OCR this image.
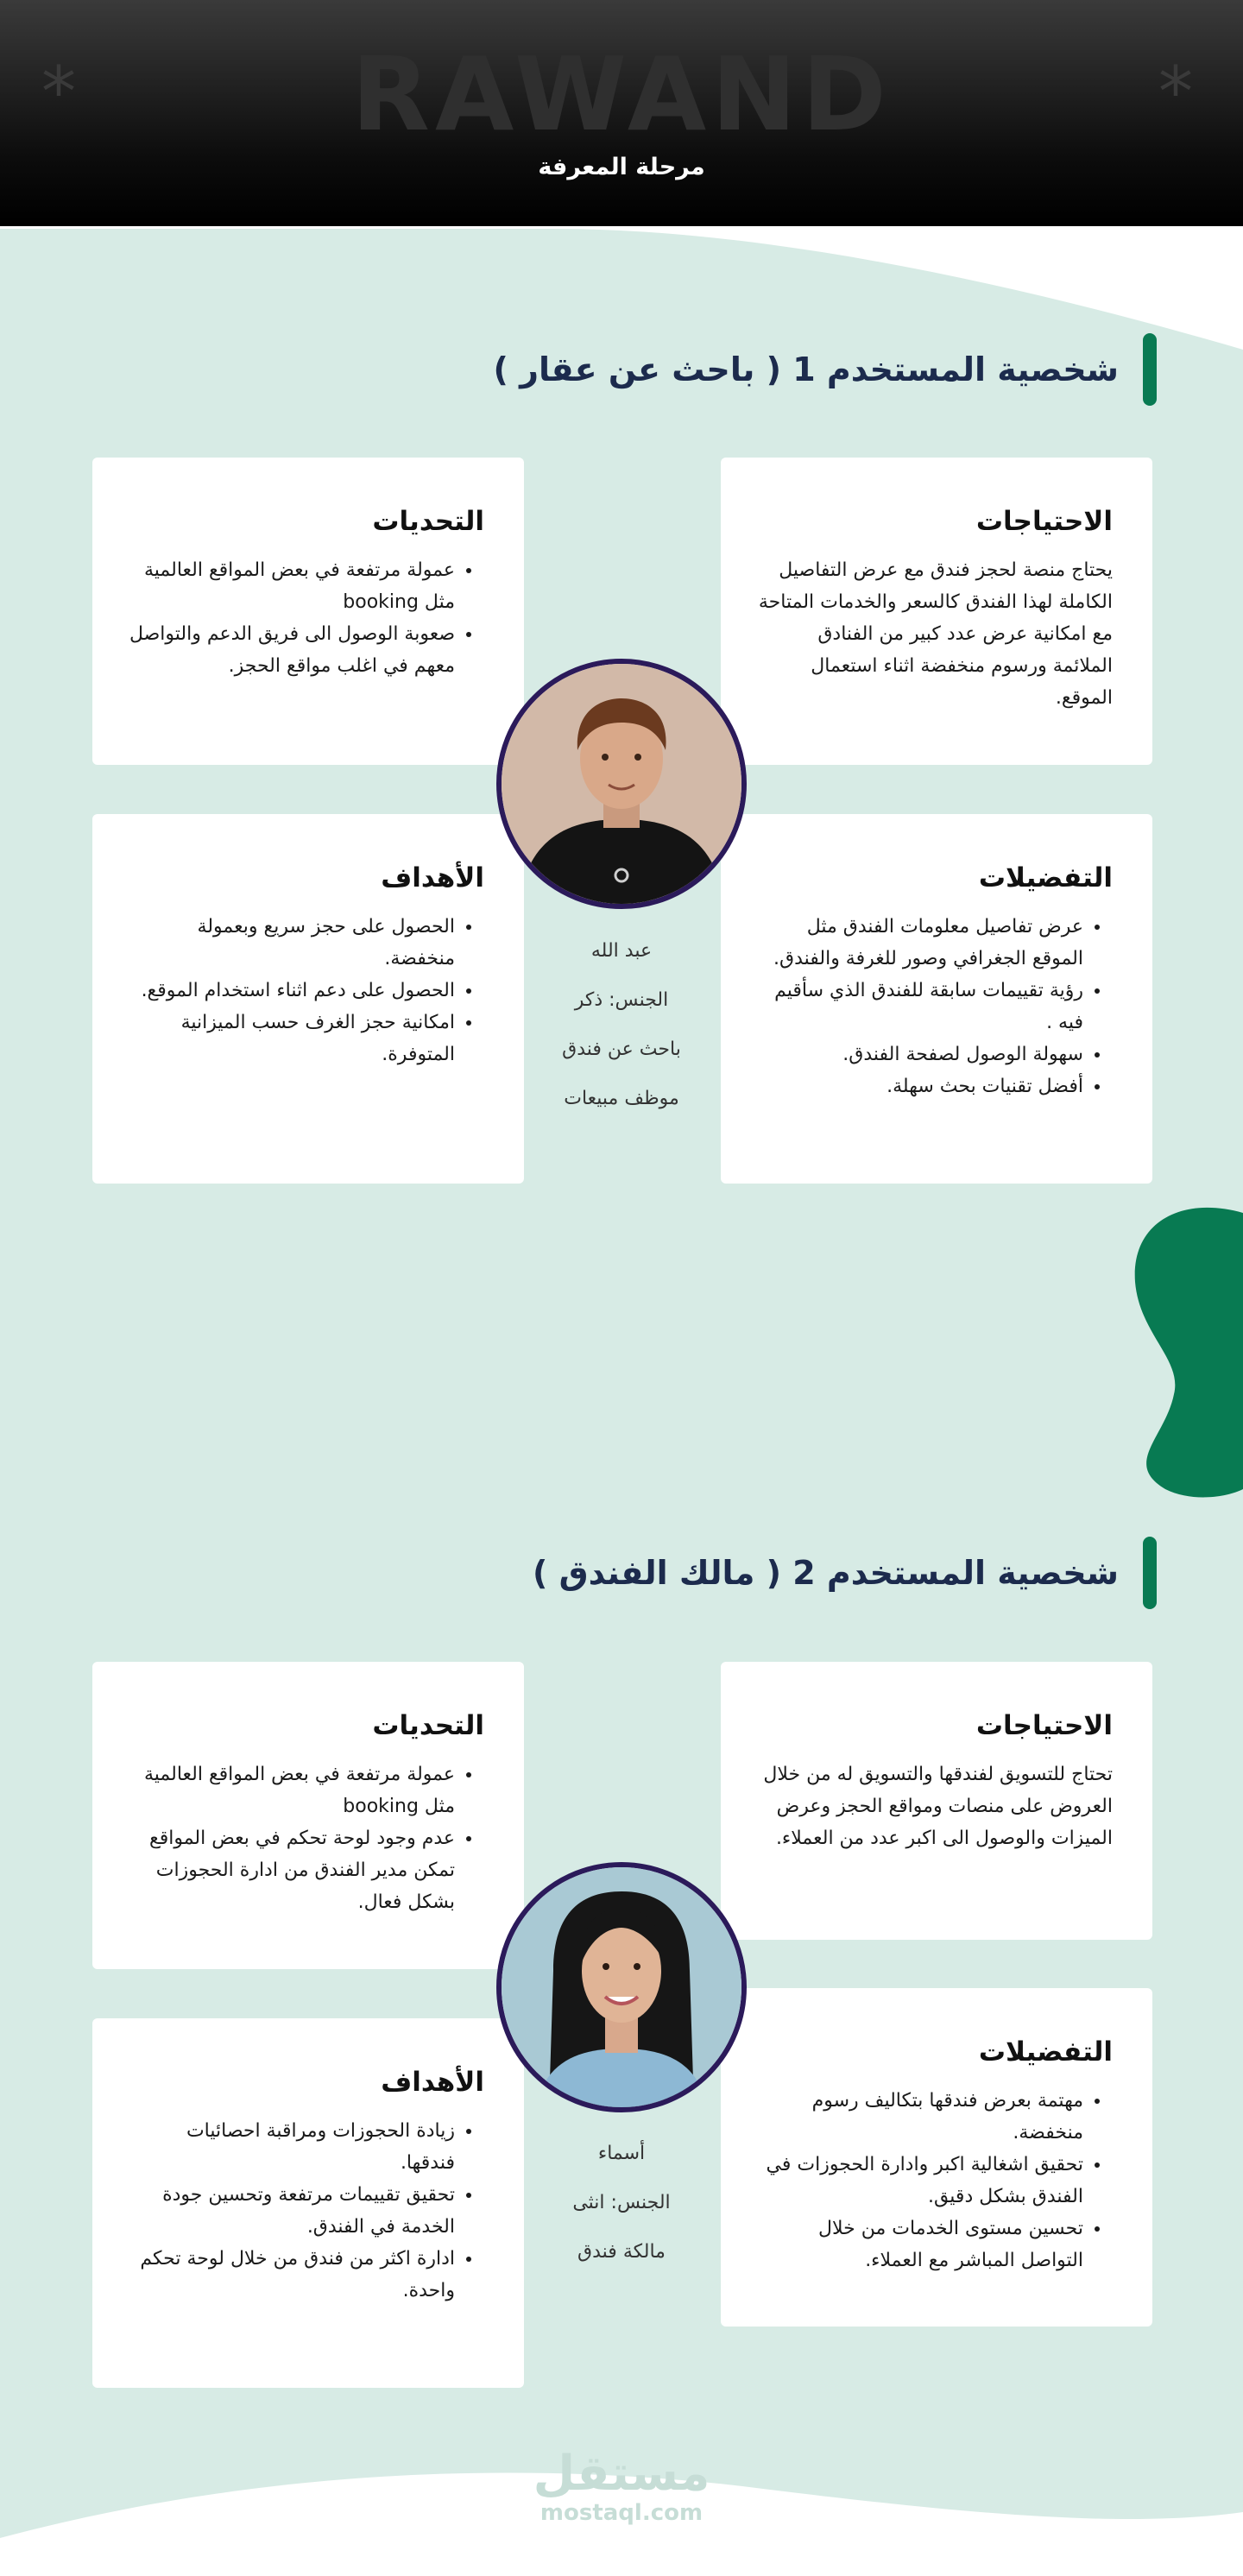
*	RAWAND	*
مرحلة المعرفة
شخصية المستخدم 1 ( باحث عن عقار )
الاحتياجات

يحتاج منصة لحجز فندق مع عرض التفاصيل الكاملة لهذا الفندق كالسعر والخدمات المتاحة مع امكانية عرض عدد كبير من الفنادق الملائمة ورسوم منخفضة اثناء استعمال الموقع.

التحديات
• عمولة مرتفعة في بعض المواقع العالمية مثل booking
• صعوبة الوصول الى فريق الدعم والتواصل معهم في اغلب مواقع الحجز.
التفضيلات
• عرض تفاصيل معلومات الفندق مثل الموقع الجغرافي وصور للغرفة والفندق.
• رؤية تقييمات سابقة للفندق الذي سأقيم فيه .
• سهولة الوصول لصفحة الفندق.
• أفضل تقنيات بحث سهلة.
الأهداف
• الحصول على حجز سريع وبعمولة منخفضة.
• الحصول على دعم اثناء استخدام الموقع.
• امكانية حجز الغرف حسب الميزانية المتوفرة.
عبد الله
الجنس: ذكر
باحث عن فندق
موظف مبيعات
شخصية المستخدم 2 ( مالك الفندق )
الاحتياجات

تحتاج للتسويق لفندقها والتسويق له من خلال العروض على منصات ومواقع الحجز وعرض الميزات والوصول الى اكبر عدد من العملاء.

التحديات
• عمولة مرتفعة في بعض المواقع العالمية مثل booking
• عدم وجود لوحة تحكم في بعض المواقع تمكن مدير الفندق من ادارة الحجوزات بشكل فعال.
التفضيلات
• مهتمة بعرض فندقها بتكاليف رسوم منخفضة.
• تحقيق اشغالية اكبر وادارة الحجوزات في الفندق بشكل دقيق.
• تحسين مستوى الخدمات من خلال التواصل المباشر مع العملاء.
الأهداف
• زيادة الحجوزات ومراقبة احصائيات فندقها.
• تحقيق تقييمات مرتفعة وتحسين جودة الخدمة في الفندق.
• ادارة اكثر من فندق من خلال لوحة تحكم واحدة.
أسماء
الجنس: انثى
مالكة فندق
مستقل
mostaql.com
